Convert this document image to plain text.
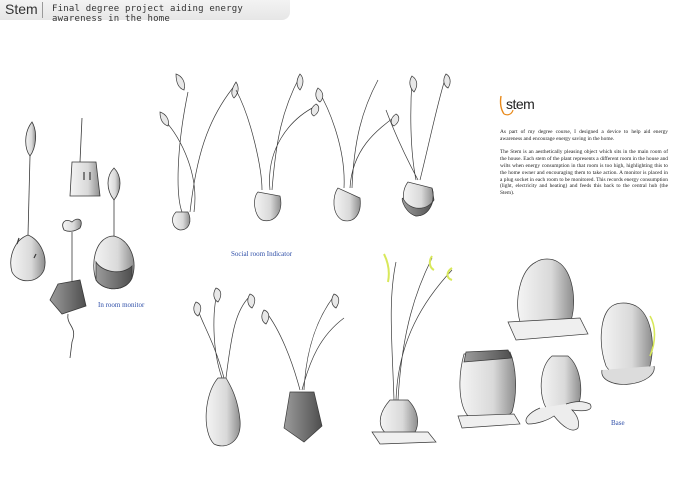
Stem Final degree project aiding energy awareness in the home
stem

As part of my degree course, I designed a device to help aid energy awareness and encourage energy saving in the home.

The Stem is an aesthetically pleasing object which sits in the main room of the house. Each stem of the plant represents a different room in the house and wilts when energy consumption in that room is too high, highlighting this to the home owner and encouraging them to take action. A monitor is placed in a plug socket in each room to be monitored. This records energy consumption (light, electricity and heating) and feeds this back to the central hub (the Stem).

In room monitor
Social room Indicator
Base
